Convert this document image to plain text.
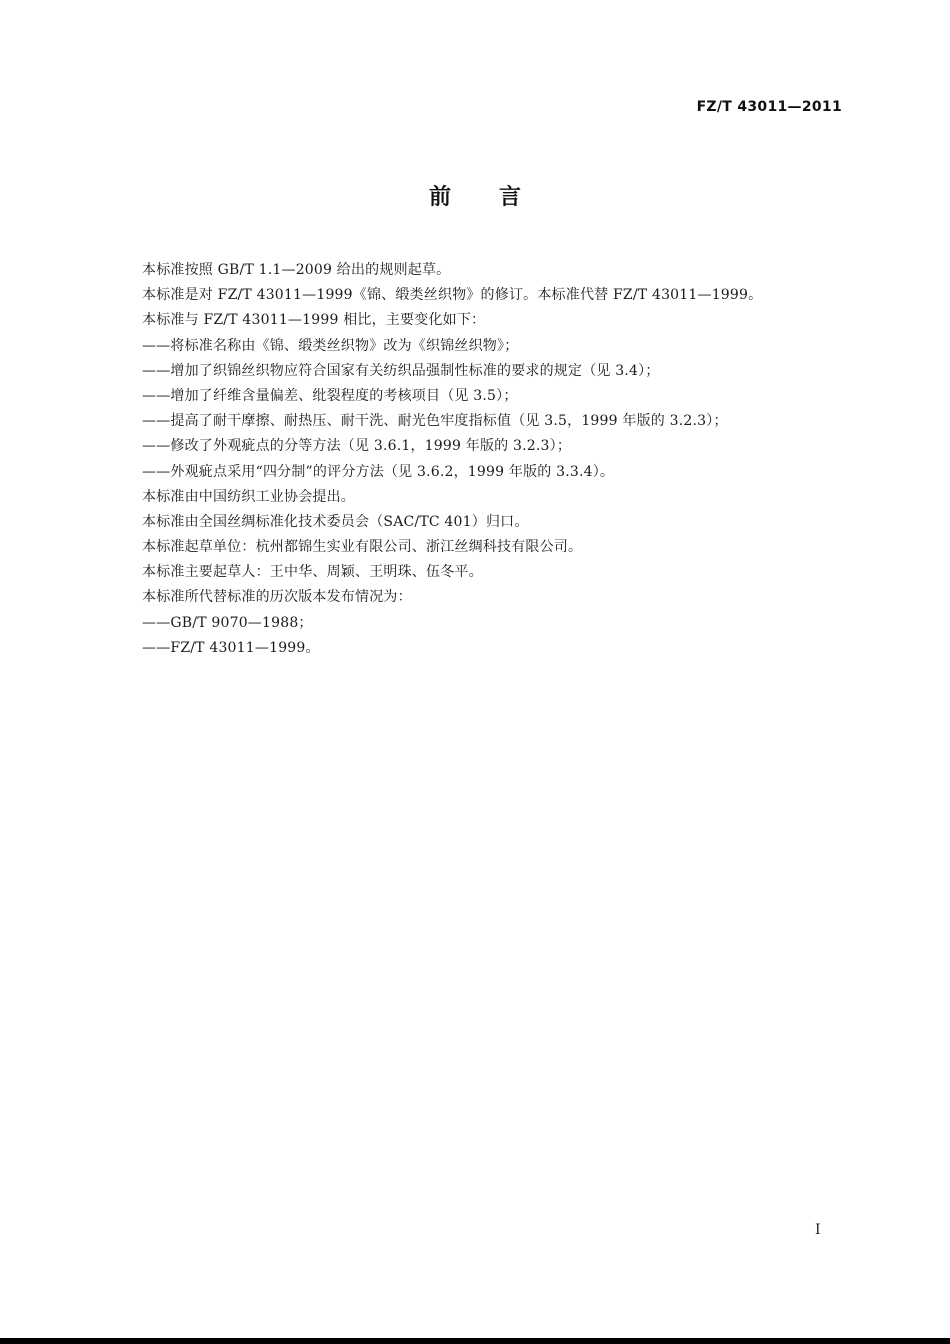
FZ/T 43011—2011
前言
本标准按照 GB/T 1.1—2009 给出的规则起草。
本标准是对 FZ/T 43011—1999《锦、缎类丝织物》的修订。本标准代替 FZ/T 43011—1999。
本标准与 FZ/T 43011—1999 相比，主要变化如下：
——将标准名称由《锦、缎类丝织物》改为《织锦丝织物》；
——增加了织锦丝织物应符合国家有关纺织品强制性标准的要求的规定（见 3.4）；
——增加了纤维含量偏差、纰裂程度的考核项目（见 3.5）；
——提高了耐干摩擦、耐热压、耐干洗、耐光色牢度指标值（见 3.5，1999 年版的 3.2.3）；
——修改了外观疵点的分等方法（见 3.6.1，1999 年版的 3.2.3）；
——外观疵点采用“四分制”的评分方法（见 3.6.2，1999 年版的 3.3.4）。
本标准由中国纺织工业协会提出。
本标准由全国丝绸标准化技术委员会（SAC/TC 401）归口。
本标准起草单位：杭州都锦生实业有限公司、浙江丝绸科技有限公司。
本标准主要起草人：王中华、周颖、王明珠、伍冬平。
本标准所代替标准的历次版本发布情况为：
——GB/T 9070—1988；
——FZ/T 43011—1999。
I
